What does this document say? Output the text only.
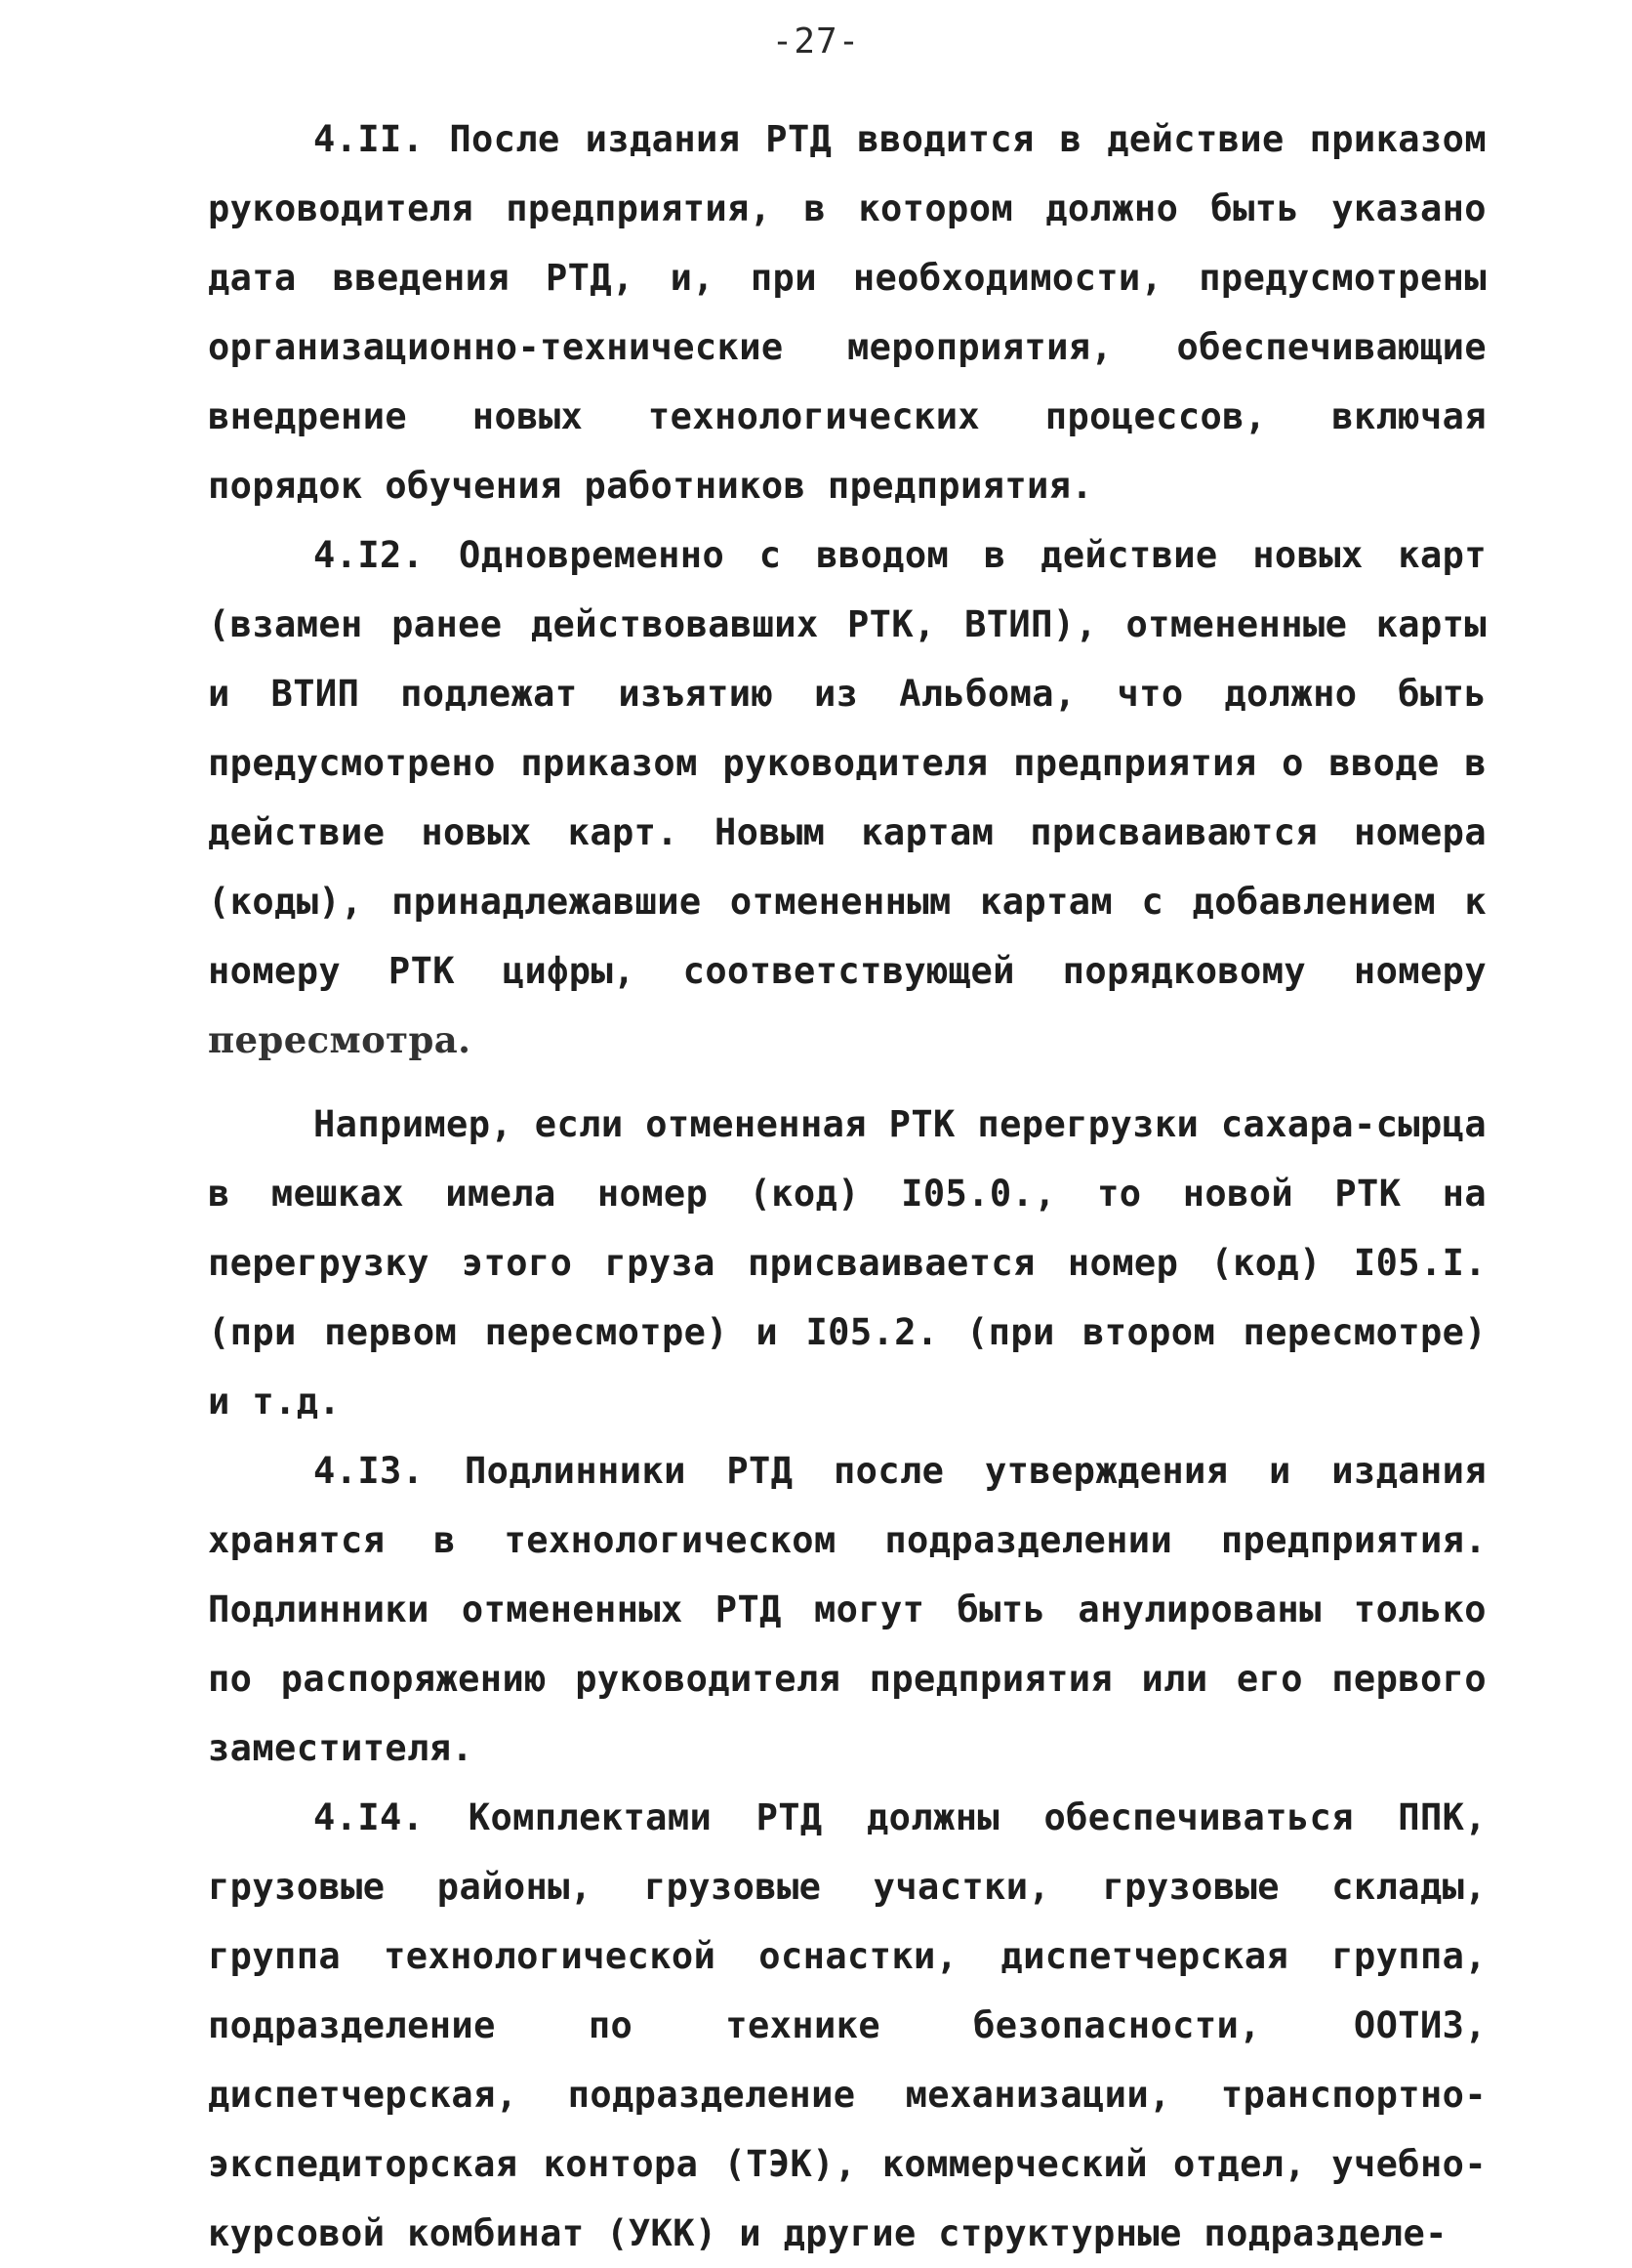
-27-

4.II. После издания РТД вводится в действие приказом руководителя предприятия, в котором должно быть указано дата введения РТД, и, при необходимости, предусмотрены организационно-технические мероприятия, обеспечивающие внедрение новых технологических процессов, включая порядок обучения работников предприятия.

4.I2. Одновременно с вводом в действие новых карт (взамен ранее действовавших РТК, ВТИП), отмененные карты и ВТИП подлежат изъятию из Альбома, что должно быть предусмотрено приказом руководителя предприятия о вводе в действие новых карт. Новым картам присваиваются номера (коды), принадлежавшие отмененным картам с добавлением к номеру РТК цифры, соответствующей порядковому номеру пересмотра.

Например, если отмененная РТК перегрузки сахара-сырца в мешках имела номер (код) I05.0., то новой РТК на перегрузку этого груза присваивается номер (код) I05.I. (при первом пересмотре) и I05.2. (при втором пересмотре) и т.д.

4.I3. Подлинники РТД после утверждения и издания хранятся в технологическом подразделении предприятия. Подлинники отмененных РТД могут быть анулированы только по распоряжению руководителя предприятия или его первого заместителя.

4.I4. Комплектами РТД должны обеспечиваться ППК, грузовые районы, грузовые участки, грузовые склады, группа технологической оснастки, диспетчерская группа, подразделение по технике безопасности, ООТИЗ, диспетчерская, подразделение механизации, транспортно-экспедиторская контора (ТЭК), коммерческий отдел, учебно-курсовой комбинат (УКК) и другие структурные подразделе-
